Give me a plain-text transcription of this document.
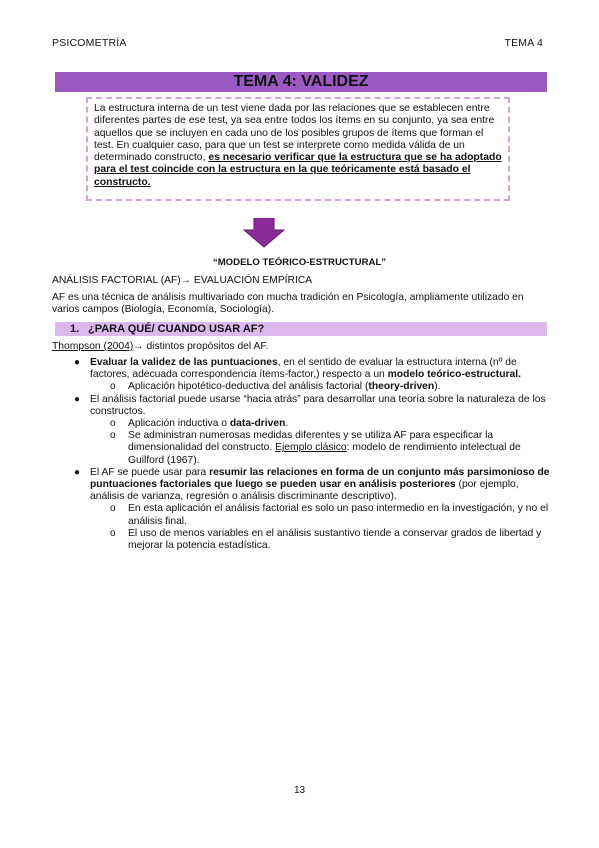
PSICOMETRÍA	TEMA 4
TEMA 4: VALIDEZ
La estructura interna de un test viene dada por las relaciones que se establecen entre diferentes partes de ese test, ya sea entre todos los ítems en su conjunto, ya sea entre aquellos que se incluyen en cada uno de los posibles grupos de ítems que forman el test. En cualquier caso, para que un test se interprete como medida válida de un determinado constructo, es necesario verificar que la estructura que se ha adoptado para el test coincide con la estructura en la que teóricamente está basado el constructo.
“MODELO TEÓRICO-ESTRUCTURAL”
ANÁLISIS FACTORIAL (AF)→ EVALUACIÓN EMPÍRICA
AF es una técnica de análisis multivariado con mucha tradición en Psicología, ampliamente utilizado en varios campos (Biología, Economía, Sociología).
1. ¿PARA QUÉ/ CUANDO USAR AF?
Thompson (2004)→ distintos propósitos del AF.

● Evaluar la validez de las puntuaciones, en el sentido de evaluar la estructura interna (nº de factores, adecuada correspondencia ítems-factor,) respecto a un modelo teórico-estructural.

o Aplicación hipotético-deductiva del análisis factorial (theory-driven).

● El análisis factorial puede usarse “hacia atrás” para desarrollar una teoría sobre la naturaleza de los constructos.

o Aplicación inductiva o data-driven.

o Se administran numerosas medidas diferentes y se utiliza AF para especificar la dimensionalidad del constructo. Ejemplo clásico: modelo de rendimiento intelectual de Guilford (1967).

● El AF se puede usar para resumir las relaciones en forma de un conjunto más parsimonioso de puntuaciones factoriales que luego se pueden usar en análisis posteriores (por ejemplo, análisis de varianza, regresión o análisis discriminante descriptivo).

o En esta aplicación el análisis factorial es solo un paso intermedio en la investigación, y no el análisis final.

o El uso de menos variables en el análisis sustantivo tiende a conservar grados de libertad y mejorar la potencia estadística.

13
